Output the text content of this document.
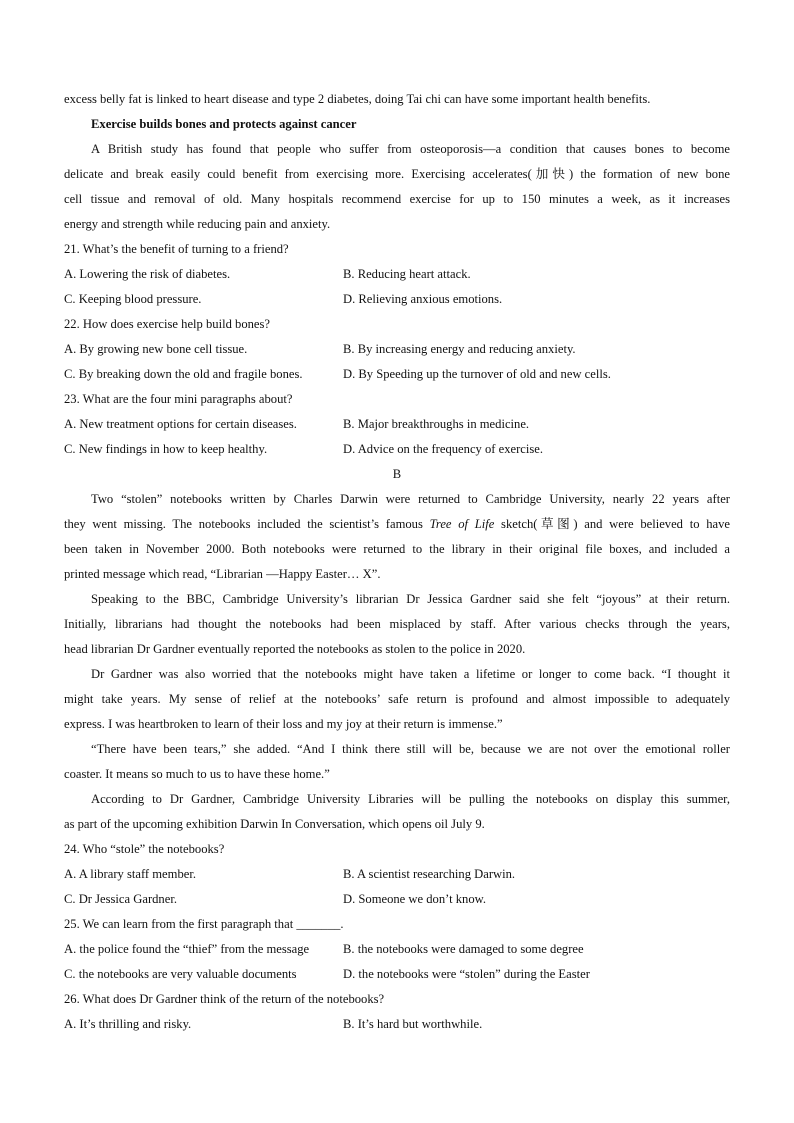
excess belly fat is linked to heart disease and type 2 diabetes, doing Tai chi can have some important health benefits.
Exercise builds bones and protects against cancer
A British study has found that people who suffer from osteoporosis—a condition that causes bones to become
delicate and break easily could benefit from exercising more. Exercising accelerates(加快) the formation of new bone
cell tissue and removal of old. Many hospitals recommend exercise for up to 150 minutes a week, as it increases
energy and strength while reducing pain and anxiety.
21. What’s the benefit of turning to a friend?
A. Lowering the risk of diabetes.	B. Reducing heart attack.
C. Keeping blood pressure.	D. Relieving anxious emotions.
22. How does exercise help build bones?
A. By growing new bone cell tissue.	B. By increasing energy and reducing anxiety.
C. By breaking down the old and fragile bones.	D. By Speeding up the turnover of old and new cells.
23. What are the four mini paragraphs about?
A. New treatment options for certain diseases.	B. Major breakthroughs in medicine.
C. New findings in how to keep healthy.	D. Advice on the frequency of exercise.
B
Two “stolen” notebooks written by Charles Darwin were returned to Cambridge University, nearly 22 years after
they went missing. The notebooks included the scientist’s famous Tree of Life sketch(草图) and were believed to have
been taken in November 2000. Both notebooks were returned to the library in their original file boxes, and included a
printed message which read, “Librarian —Happy Easter… X”.
Speaking to the BBC, Cambridge University’s librarian Dr Jessica Gardner said she felt “joyous” at their return.
Initially, librarians had thought the notebooks had been misplaced by staff. After various checks through the years,
head librarian Dr Gardner eventually reported the notebooks as stolen to the police in 2020.
Dr Gardner was also worried that the notebooks might have taken a lifetime or longer to come back. “I thought it
might take years. My sense of relief at the notebooks’ safe return is profound and almost impossible to adequately
express. I was heartbroken to learn of their loss and my joy at their return is immense.”
“There have been tears,” she added. “And I think there still will be, because we are not over the emotional roller
coaster. It means so much to us to have these home.”
According to Dr Gardner, Cambridge University Libraries will be pulling the notebooks on display this summer,
as part of the upcoming exhibition Darwin In Conversation, which opens oil July 9.
24. Who “stole” the notebooks?
A. A library staff member.	B. A scientist researching Darwin.
C. Dr Jessica Gardner.	D. Someone we don’t know.
25. We can learn from the first paragraph that _______.
A. the police found the “thief” from the message	B. the notebooks were damaged to some degree
C. the notebooks are very valuable documents	D. the notebooks were “stolen” during the Easter
26. What does Dr Gardner think of the return of the notebooks?
A. It’s thrilling and risky.	B. It’s hard but worthwhile.
